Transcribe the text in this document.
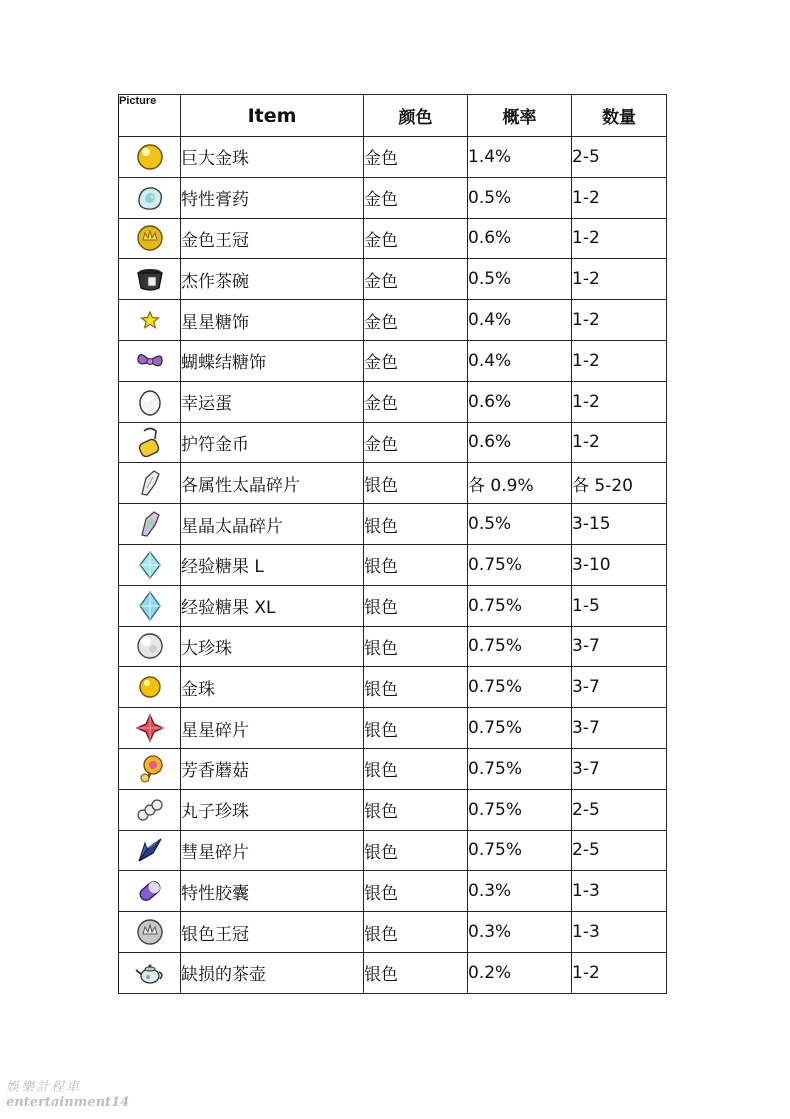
Picture	Item	颜色	概率	数量

	巨大金珠	金色	1.4%	2-5

	特性膏药	金色	0.5%	1-2

	金色王冠	金色	0.6%	1-2

	杰作茶碗	金色	0.5%	1-2

	星星糖饰	金色	0.4%	1-2

	蝴蝶结糖饰	金色	0.4%	1-2

	幸运蛋	金色	0.6%	1-2

	护符金币	金色	0.6%	1-2

	各属性太晶碎片	银色	各 0.9%	各 5-20

	星晶太晶碎片	银色	0.5%	3-15

	经验糖果 L	银色	0.75%	3-10

	经验糖果 XL	银色	0.75%	1-5

	大珍珠	银色	0.75%	3-7

	金珠	银色	0.75%	3-7

	星星碎片	银色	0.75%	3-7

	芳香蘑菇	银色	0.75%	3-7

	丸子珍珠	银色	0.75%	2-5

	彗星碎片	银色	0.75%	2-5

	特性胶囊	银色	0.3%	1-3

	银色王冠	银色	0.3%	1-3

	缺损的茶壶	银色	0.2%	1-2
娛樂計程車
entertainment14
